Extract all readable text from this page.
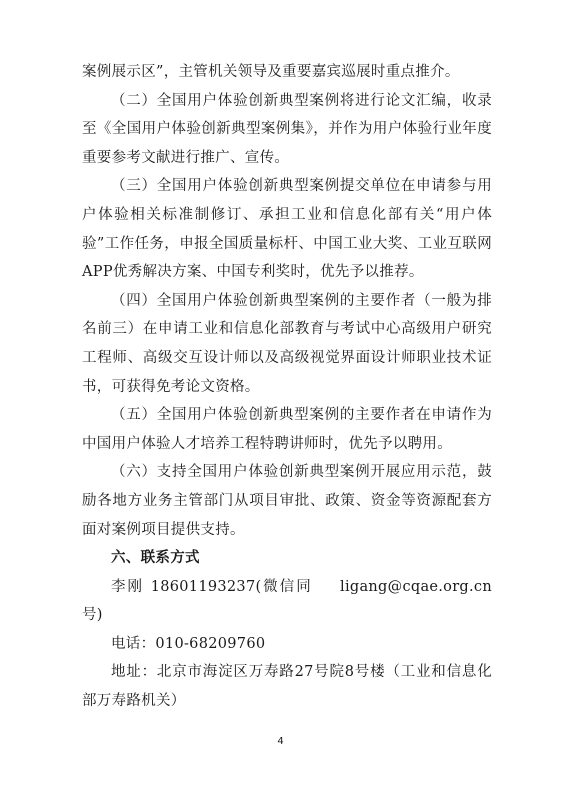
案例展示区”，主管机关领导及重要嘉宾巡展时重点推介。

（二）全国用户体验创新典型案例将进行论文汇编，收录至《全国用户体验创新典型案例集》，并作为用户体验行业年度重要参考文献进行推广、宣传。

（三）全国用户体验创新典型案例提交单位在申请参与用户体验相关标准制修订、承担工业和信息化部有关“用户体验”工作任务，申报全国质量标杆、中国工业大奖、工业互联网APP优秀解决方案、中国专利奖时，优先予以推荐。

（四）全国用户体验创新典型案例的主要作者（一般为排名前三）在申请工业和信息化部教育与考试中心高级用户研究工程师、高级交互设计师以及高级视觉界面设计师职业技术证书，可获得免考论文资格。

（五）全国用户体验创新典型案例的主要作者在申请作为中国用户体验人才培养工程特聘讲师时，优先予以聘用。

（六）支持全国用户体验创新典型案例开展应用示范，鼓励各地方业务主管部门从项目审批、政策、资金等资源配套方面对案例项目提供支持。

六、联系方式

李刚 18601193237(微信同号)
ligang@cqae.org.cn

电话：010-68209760

地址：北京市海淀区万寿路27号院8号楼（工业和信息化部万寿路机关）

4
